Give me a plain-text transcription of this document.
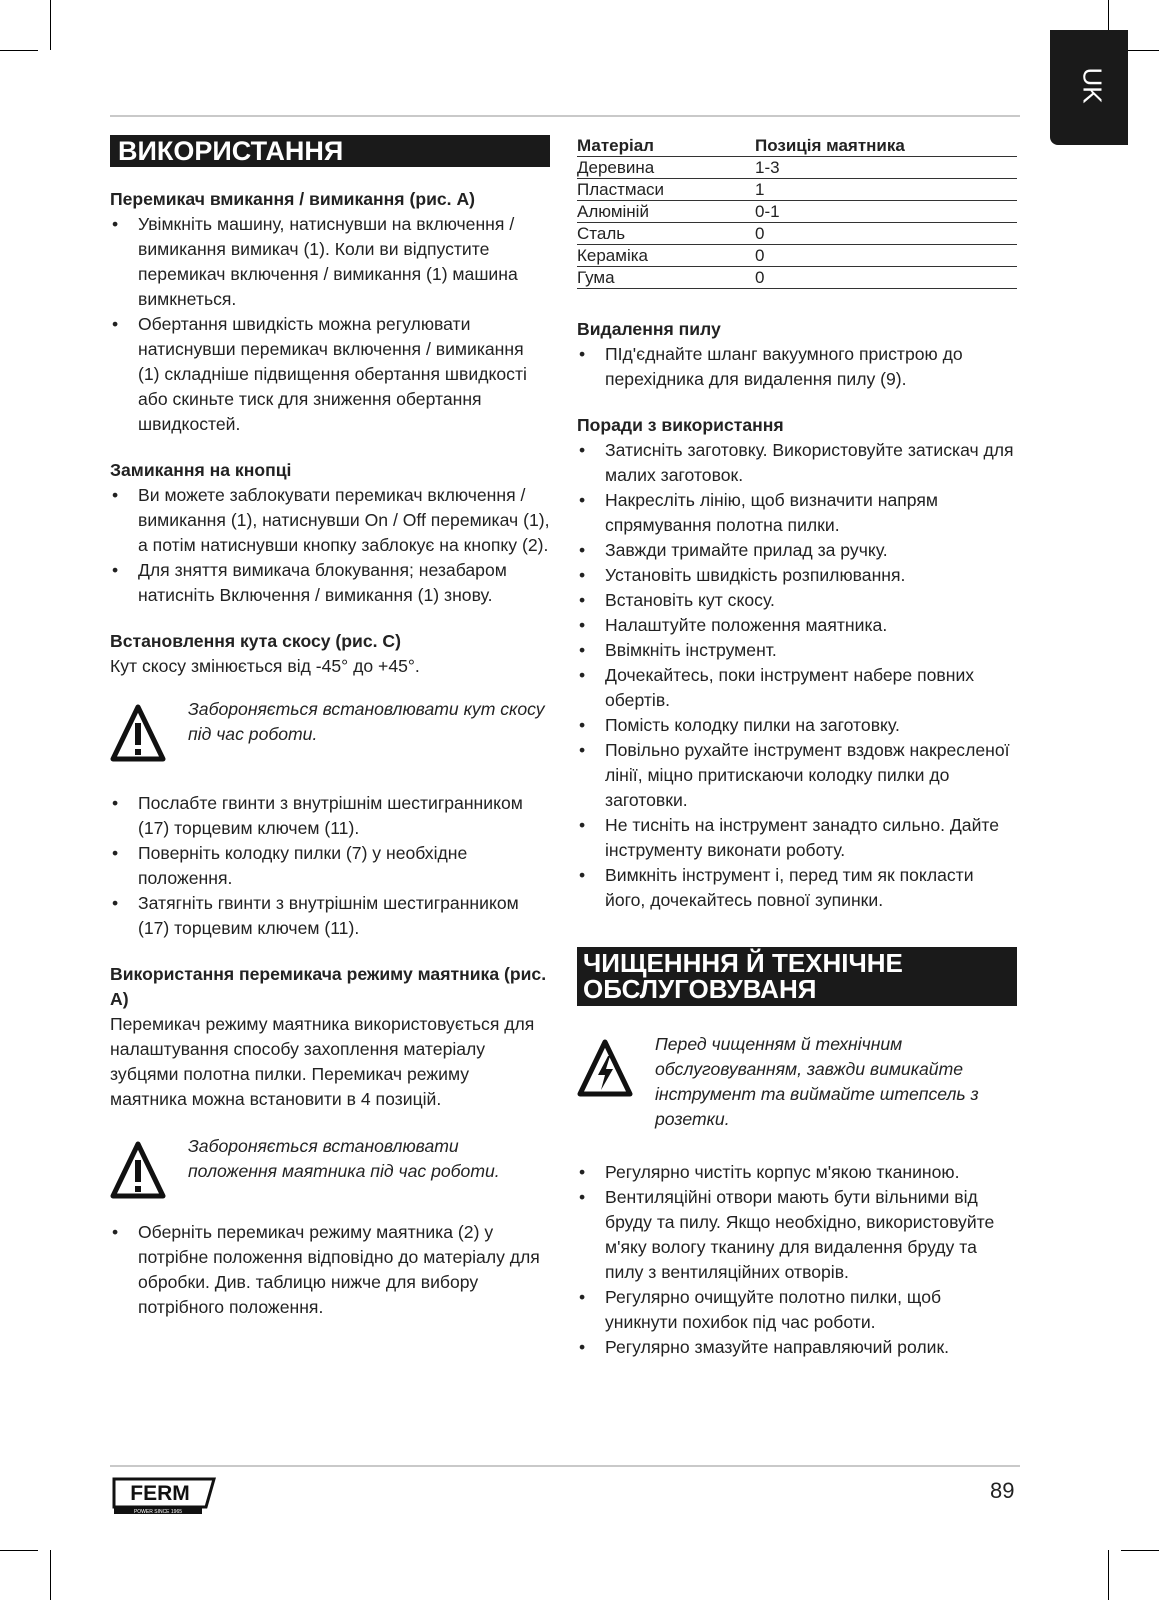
UK
ВИКОРИСТАННЯ
Перемикач вмикання / вимикання (рис. А)
• Увімкніть машину, натиснувши на включення / вимикання вимикач (1). Коли ви відпустите перемикач включення / вимикання (1) машина вимкнеться.
• Обертання швидкість можна регулювати натиснувши перемикач включення / вимикання (1) складніше підвищення обертання швидкості або скиньте тиск для зниження обертання швидкостей.
Замикання на кнопці
• Ви можете заблокувати перемикач включення / вимикання (1), натиснувши On / Off перемикач (1), а потім натиснувши кнопку заблокує на кнопку (2).
• Для зняття вимикача блокування; незабаром натисніть Включення / вимикання (1) знову.
Встановлення кута скосу (рис. С)

Кут скосу змінюється від -45° до +45°.

Забороняється встановлювати кут скосу під час роботи.
• Послабте гвинти з внутрішнім шестигранником (17) торцевим ключем (11).
• Поверніть колодку пилки (7) у необхідне положення.
• Затягніть гвинти з внутрішнім шестигранником (17) торцевим ключем (11).
Використання перемикача режиму маятника (рис. А)

Перемикач режиму маятника використовується для налаштування способу захоплення матеріалу зубцями полотна пилки. Перемикач режиму маятника можна встановити в 4 позицій.

Забороняється встановлювати положення маятника під час роботи.
• Оберніть перемикач режиму маятника (2) у потрібне положення відповідно до матеріалу для обробки. Див. таблицю нижче для вибору потрібного положення.
Матеріал	Позиція маятника
Деревина	1-3
Пластмаси	1
Алюміній	0-1
Сталь	0
Кераміка	0
Гума	0
Видалення пилу
• ПІд'єднайте шланг вакуумного пристрою до перехідника для видалення пилу (9).
Поради з використання
• Затисніть заготовку. Використовуйте затискач для малих заготовок.
• Накресліть лінію, щоб визначити напрям спрямування полотна пилки.
• Завжди тримайте прилад за ручку.
• Установіть швидкість розпилювання.
• Встановіть кут скосу.
• Налаштуйте положення маятника.
• Ввімкніть інструмент.
• Дочекайтесь, поки інструмент набере повних обертів.
• Помість колодку пилки на заготовку.
• Повільно рухайте інструмент вздовж накресленої лінії, міцно притискаючи колодку пилки до заготовки.
• Не тисніть на інструмент занадто сильно. Дайте інструменту виконати роботу.
• Вимкніть інструмент і, перед тим як покласти його, дочекайтесь повної зупинки.
ЧИЩЕНННЯ Й ТЕХНІЧНЕ
ОБСЛУГОВУВАНЯ
Перед чищенням й технічним обслуговуванням, завжди вимикайте інструмент та виймайте штепсель з розетки.
• Регулярно чистіть корпус м'якою тканиною.
• Вентиляційні отвори мають бути вільними від бруду та пилу. Якщо необхідно, використовуйте м'яку вологу тканину для видалення бруду та пилу з вентиляційних отворів.
• Регулярно очищуйте полотно пилки, щоб уникнути похибок під час роботи.
• Регулярно змазуйте направляючий ролик.
FERM
POWER SINCE 1965
89
